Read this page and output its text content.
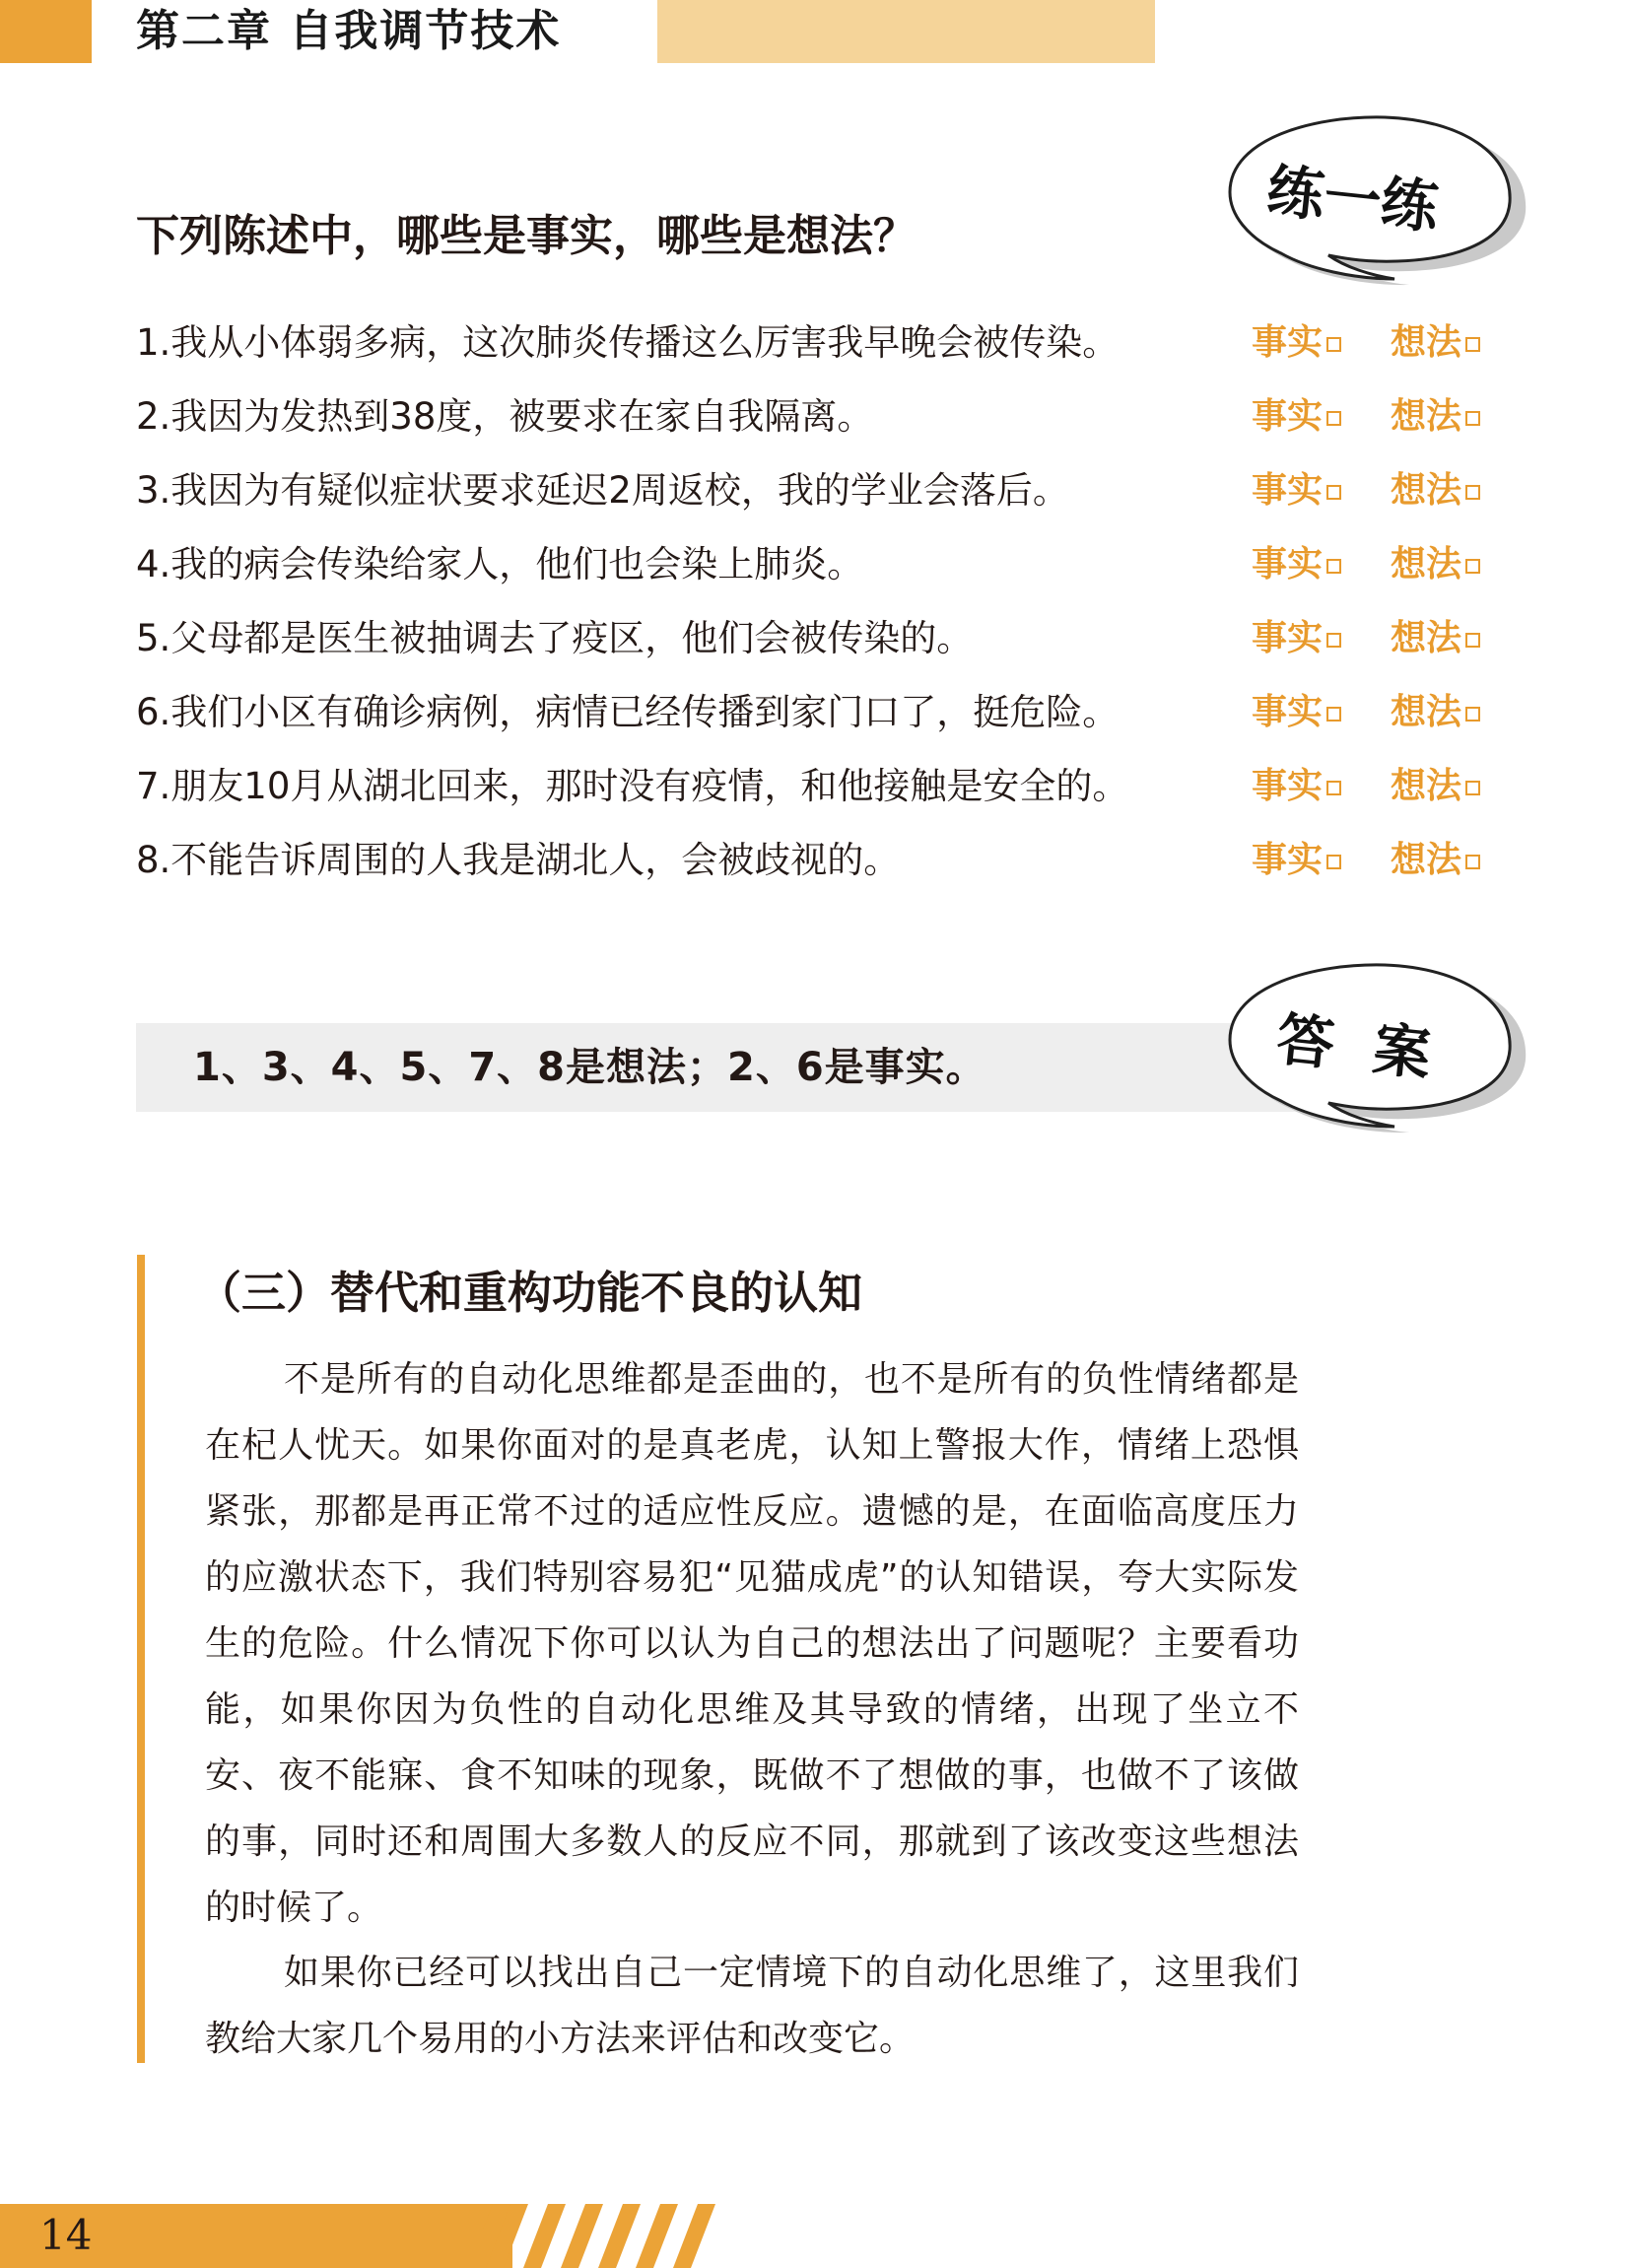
第二章 自我调节技术
练一练
下列陈述中，哪些是事实，哪些是想法？
1.我从小体弱多病，这次肺炎传播这么厉害我早晚会被传染。	事实	想法
2.我因为发热到38度，被要求在家自我隔离。	事实	想法
3.我因为有疑似症状要求延迟2周返校，我的学业会落后。	事实	想法
4.我的病会传染给家人，他们也会染上肺炎。	事实	想法
5.父母都是医生被抽调去了疫区，他们会被传染的。	事实	想法
6.我们小区有确诊病例，病情已经传播到家门口了，挺危险。	事实	想法
7.朋友10月从湖北回来，那时没有疫情，和他接触是安全的。	事实	想法
8.不能告诉周围的人我是湖北人，会被歧视的。	事实	想法
1、3、4、5、7、8是想法；2、6是事实。	答  案
（三）替代和重构功能不良的认知

不是所有的自动化思维都是歪曲的，也不是所有的负性情绪都是在杞人忧天。如果你面对的是真老虎，认知上警报大作，情绪上恐惧紧张，那都是再正常不过的适应性反应。遗憾的是，在面临高度压力的应激状态下，我们特别容易犯“见猫成虎”的认知错误，夸大实际发生的危险。什么情况下你可以认为自己的想法出了问题呢？主要看功能，如果你因为负性的自动化思维及其导致的情绪，出现了坐立不安、夜不能寐、食不知味的现象，既做不了想做的事，也做不了该做的事，同时还和周围大多数人的反应不同，那就到了该改变这些想法的时候了。

如果你已经可以找出自己一定情境下的自动化思维了，这里我们教给大家几个易用的小方法来评估和改变它。

14
